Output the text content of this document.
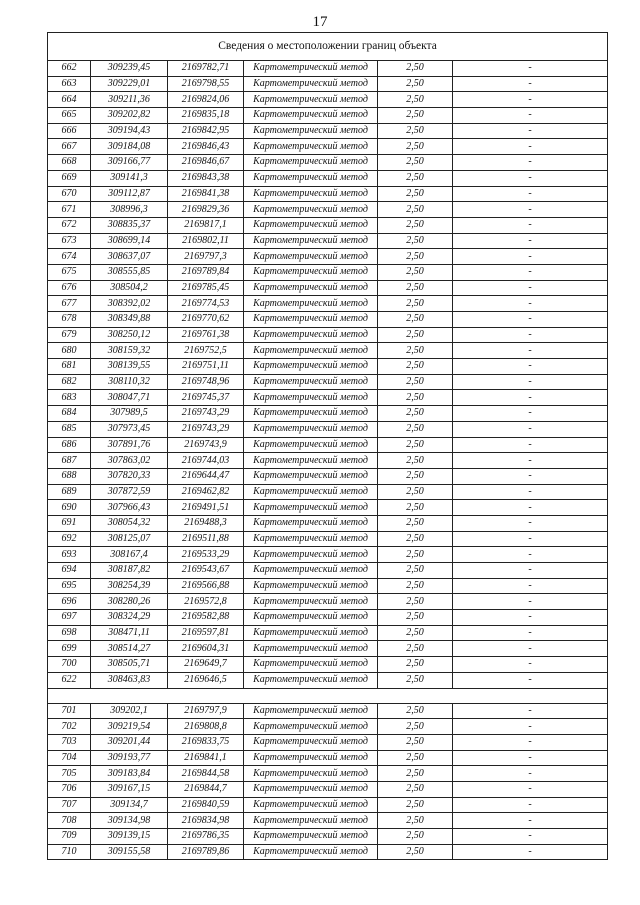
17
Сведения о местоположении границ объекта					
662	309239,45	2169782,71	Картометрический метод	2,50	-
663	309229,01	2169798,55	Картометрический метод	2,50	-
664	309211,36	2169824,06	Картометрический метод	2,50	-
665	309202,82	2169835,18	Картометрический метод	2,50	-
666	309194,43	2169842,95	Картометрический метод	2,50	-
667	309184,08	2169846,43	Картометрический метод	2,50	-
668	309166,77	2169846,67	Картометрический метод	2,50	-
669	309141,3	2169843,38	Картометрический метод	2,50	-
670	309112,87	2169841,38	Картометрический метод	2,50	-
671	308996,3	2169829,36	Картометрический метод	2,50	-
672	308835,37	2169817,1	Картометрический метод	2,50	-
673	308699,14	2169802,11	Картометрический метод	2,50	-
674	308637,07	2169797,3	Картометрический метод	2,50	-
675	308555,85	2169789,84	Картометрический метод	2,50	-
676	308504,2	2169785,45	Картометрический метод	2,50	-
677	308392,02	2169774,53	Картометрический метод	2,50	-
678	308349,88	2169770,62	Картометрический метод	2,50	-
679	308250,12	2169761,38	Картометрический метод	2,50	-
680	308159,32	2169752,5	Картометрический метод	2,50	-
681	308139,55	2169751,11	Картометрический метод	2,50	-
682	308110,32	2169748,96	Картометрический метод	2,50	-
683	308047,71	2169745,37	Картометрический метод	2,50	-
684	307989,5	2169743,29	Картометрический метод	2,50	-
685	307973,45	2169743,29	Картометрический метод	2,50	-
686	307891,76	2169743,9	Картометрический метод	2,50	-
687	307863,02	2169744,03	Картометрический метод	2,50	-
688	307820,33	2169644,47	Картометрический метод	2,50	-
689	307872,59	2169462,82	Картометрический метод	2,50	-
690	307966,43	2169491,51	Картометрический метод	2,50	-
691	308054,32	2169488,3	Картометрический метод	2,50	-
692	308125,07	2169511,88	Картометрический метод	2,50	-
693	308167,4	2169533,29	Картометрический метод	2,50	-
694	308187,82	2169543,67	Картометрический метод	2,50	-
695	308254,39	2169566,88	Картометрический метод	2,50	-
696	308280,26	2169572,8	Картометрический метод	2,50	-
697	308324,29	2169582,88	Картометрический метод	2,50	-
698	308471,11	2169597,81	Картометрический метод	2,50	-
699	308514,27	2169604,31	Картометрический метод	2,50	-
700	308505,71	2169649,7	Картометрический метод	2,50	-
622	308463,83	2169646,5	Картометрический метод	2,50	-

701	309202,1	2169797,9	Картометрический метод	2,50	-
702	309219,54	2169808,8	Картометрический метод	2,50	-
703	309201,44	2169833,75	Картометрический метод	2,50	-
704	309193,77	2169841,1	Картометрический метод	2,50	-
705	309183,84	2169844,58	Картометрический метод	2,50	-
706	309167,15	2169844,7	Картометрический метод	2,50	-
707	309134,7	2169840,59	Картометрический метод	2,50	-
708	309134,98	2169834,98	Картометрический метод	2,50	-
709	309139,15	2169786,35	Картометрический метод	2,50	-
710	309155,58	2169789,86	Картометрический метод	2,50	-
